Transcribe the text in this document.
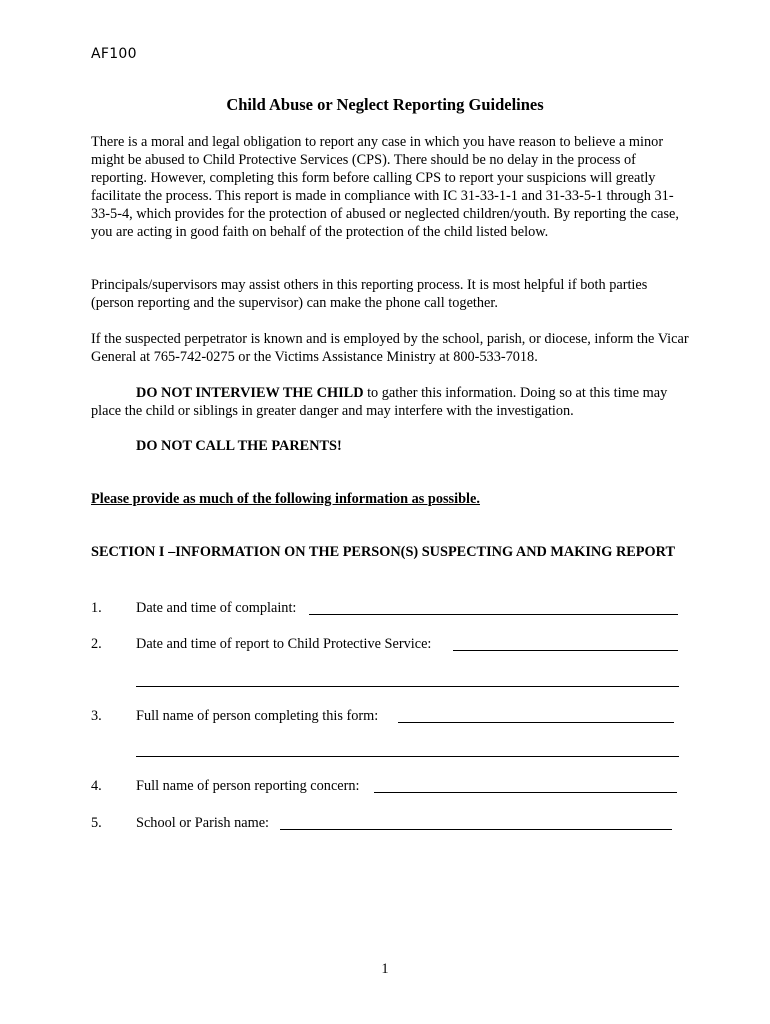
AF100
Child Abuse or Neglect Reporting Guidelines

There is a moral and legal obligation to report any case in which you have reason to believe a minor might be abused to Child Protective Services (CPS). There should be no delay in the process of reporting. However, completing this form before calling CPS to report your suspicions will greatly facilitate the process. This report is made in compliance with IC 31-33-1-1 and 31-33-5-1 through 31-33-5-4, which provides for the protection of abused or neglected children/youth. By reporting the case, you are acting in good faith on behalf of the protection of the child listed below.

Principals/supervisors may assist others in this reporting process. It is most helpful if both parties (person reporting and the supervisor) can make the phone call together.

If the suspected perpetrator is known and is employed by the school, parish, or diocese, inform the Vicar General at 765-742-0275 or the Victims Assistance Ministry at 800-533-7018.

DO NOT INTERVIEW THE CHILD to gather this information. Doing so at this time may place the child or siblings in greater danger and may interfere with the investigation.

DO NOT CALL THE PARENTS!

Please provide as much of the following information as possible.

SECTION I –INFORMATION ON THE PERSON(S) SUSPECTING AND MAKING REPORT

1. Date and time of complaint:
2. Date and time of report to Child Protective Service:
3. Full name of person completing this form:
4. Full name of person reporting concern:
5. School or Parish name:
1
